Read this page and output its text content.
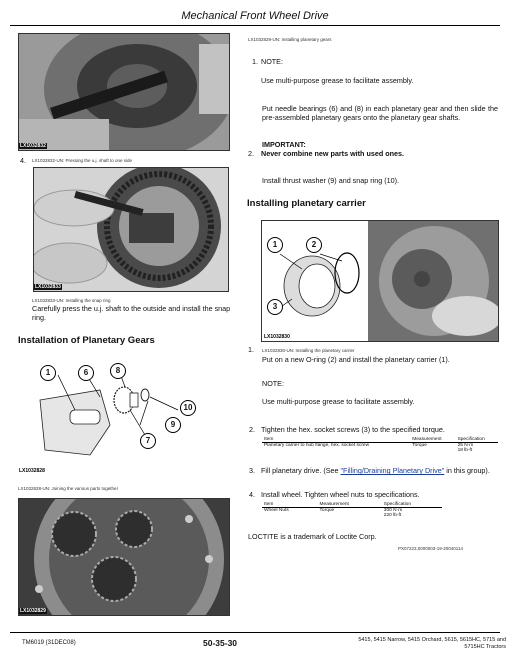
Mechanical Front Wheel Drive
LX1032832
4. LX1032832-UN: Pressing the u.j. shaft to one side
LX1032833
LX1032833-UN: Installing the snap ring
Carefully press the u.j. shaft to the outside and install the snap ring.
Installation of Planetary Gears
1	6	8
9
10
7
LX1032828
LX1032828-UN: Joining the various parts together
LX1032829
LX1032829-UN: Installing planetary gears
1. NOTE:
Use multi-purpose grease to facilitate assembly.
Put needle bearings (6) and (8) in each planetary gear and then slide the pre-assembled planetary gears onto the planetary gear shafts.
IMPORTANT:
2. Never combine new parts with used ones.
Install thrust washer (9) and snap ring (10).
Installing planetary carrier
1	2
3
LX1032830
1. LX1032830-UN: Installing the planetary carrier
Put on a new O-ring (2) and install the planetary carrier (1).
NOTE:
Use multi-purpose grease to facilitate assembly.
2. Tighten the hex. socket screws (3) to the specified torque.
Item	Measurement	Specification
Planetary carrier to hub flange, hex. socket screw	Torque	25 N·m
18 lb-ft
3. Fill planetary drive. (See "Filling/Draining Planetary Drive" in this group).
4. Install wheel. Tighten wheel nuts to specifications.
Item	Measurement	Specification
Wheel Nuts	Torque	300 N·m
220 lb-ft
LOCTITE is a trademark of Loctite Corp.
PX07223,0000003-19-20040114
TM6019 (31DEC08)	50-35-30	5415, 5415 Narrow, 5415 Orchard, 5615, 5615HC, 5715 and
5715HC Tractors
